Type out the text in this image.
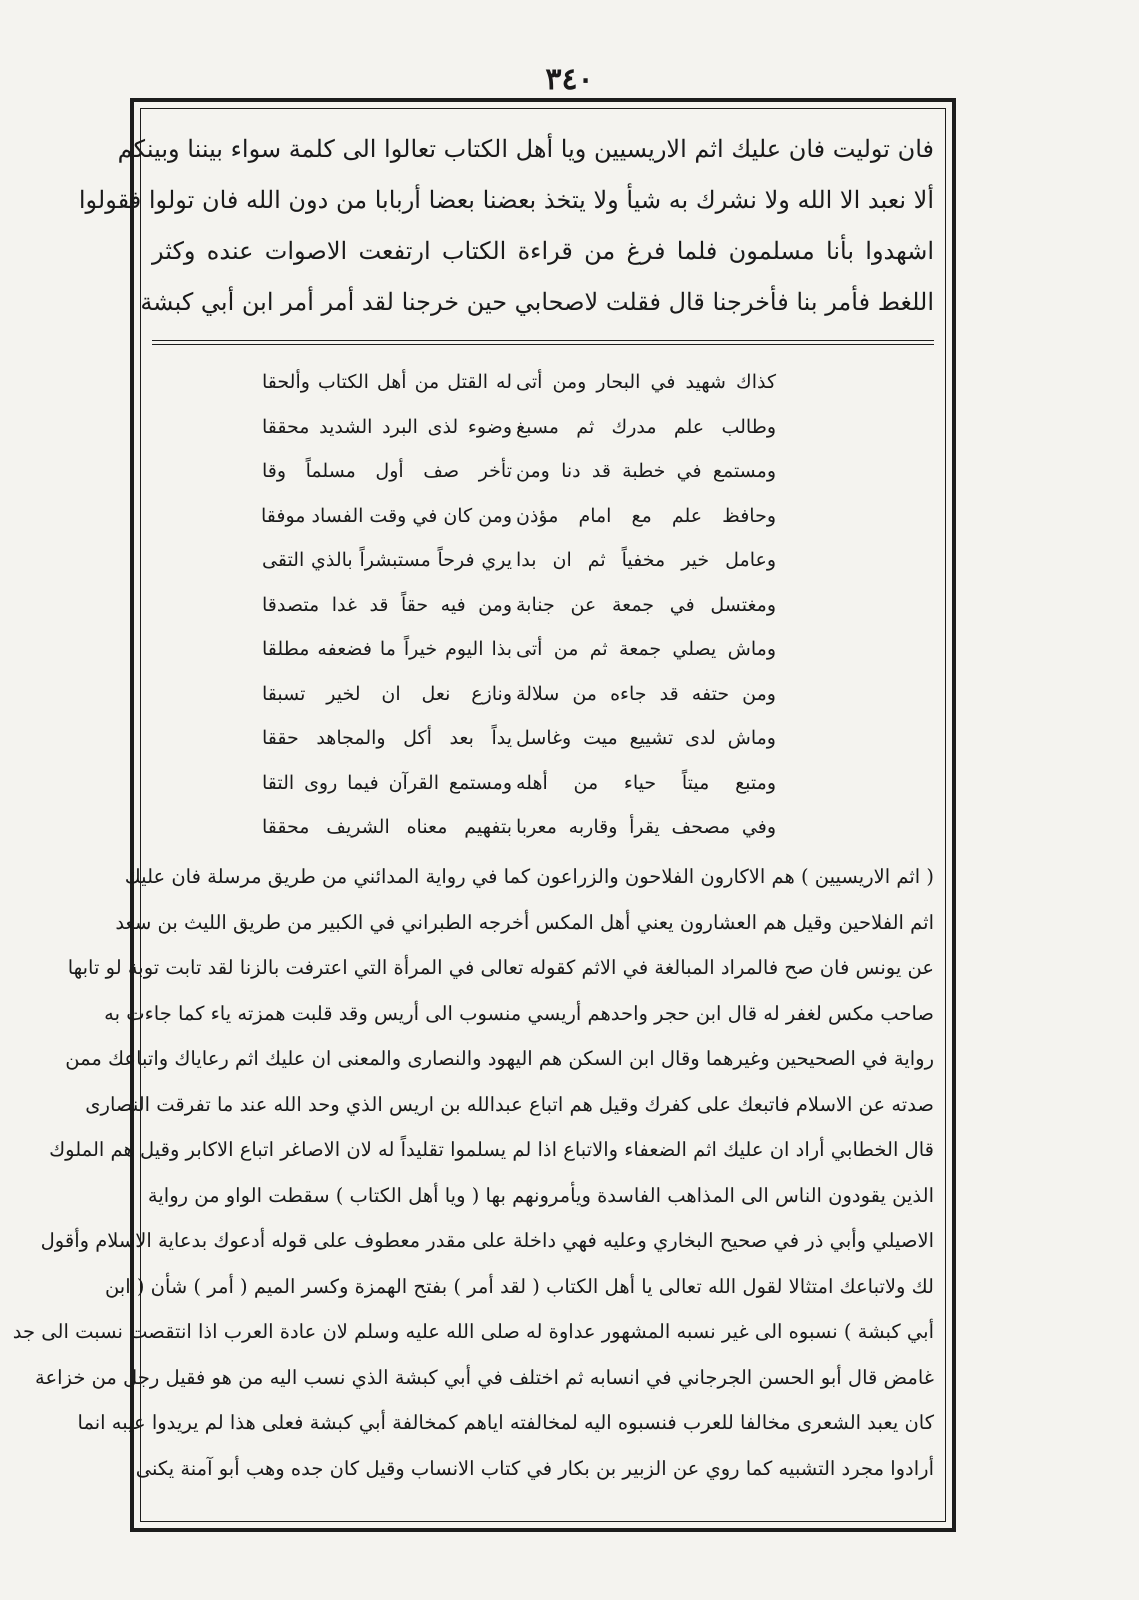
٣٤٠
فان توليت فان عليك اثم الاريسيين ويا أهل الكتاب تعالوا الى كلمة سواء بيننا وبينكم
ألا نعبد الا الله ولا نشرك به شيأ ولا يتخذ بعضنا بعضا أربابا من دون الله فان تولوا فقولوا
اشهدوا بأنا مسلمون فلما فرغ من قراءة الكتاب ارتفعت الاصوات عنده وكثر
اللغط فأمر بنا فأخرجنا قال فقلت لاصحابي حين خرجنا لقد أمر أمر ابن أبي كبشة
كذاك شهيد في البحار ومن أتى
له القتل من أهل الكتاب وألحقا
وطالب علم مدرك ثم مسبغ
وضوء لذى البرد الشديد محققا
ومستمع في خطبة قد دنا ومن
تأخر صف أول مسلماً وقا
وحافظ علم مع امام مؤذن
ومن كان في وقت الفساد موفقا
وعامل خير مخفياً ثم ان بدا
يري فرحاً مستبشراً بالذي التقى
ومغتسل في جمعة عن جنابة
ومن فيه حقاً قد غدا متصدقا
وماش يصلي جمعة ثم من أتى
بذا اليوم خيراً ما فضعفه مطلقا
ومن حتفه قد جاءه من سلالة
ونازع نعل ان لخير تسبقا
وماش لدى تشييع ميت وغاسل
يداً بعد أكل والمجاهد حققا
ومتبع ميتاً حياء من أهله
ومستمع القرآن فيما روى التقا
وفي مصحف يقرأ وقاربه معربا
بتفهيم معناه الشريف محققا
( اثم الاريسيين ) هم الاكارون الفلاحون والزراعون كما في رواية المدائني من طريق مرسلة فان عليك
اثم الفلاحين وقيل هم العشارون يعني أهل المكس أخرجه الطبراني في الكبير من طريق الليث بن سعد
عن يونس فان صح فالمراد المبالغة في الاثم كقوله تعالى في المرأة التي اعترفت بالزنا لقد تابت توبة لو تابها
صاحب مكس لغفر له قال ابن حجر واحدهم أريسي منسوب الى أريس وقد قلبت همزته ياء كما جاءت به
رواية في الصحيحين وغيرهما وقال ابن السكن هم اليهود والنصارى والمعنى ان عليك اثم رعاياك واتباعك ممن
صدته عن الاسلام فاتبعك على كفرك وقيل هم اتباع عبدالله بن اريس الذي وحد الله عند ما تفرقت النصارى
قال الخطابي أراد ان عليك اثم الضعفاء والاتباع اذا لم يسلموا تقليداً له لان الاصاغر اتباع الاكابر وقيل هم الملوك
الذين يقودون الناس الى المذاهب الفاسدة ويأمرونهم بها ( ويا أهل الكتاب ) سقطت الواو من رواية
الاصيلي وأبي ذر في صحيح البخاري وعليه فهي داخلة على مقدر معطوف على قوله أدعوك بدعاية الاسلام وأقول
لك ولاتباعك امتثالا لقول الله تعالى يا أهل الكتاب ( لقد أمر ) بفتح الهمزة وكسر الميم ( أمر ) شأن ( ابن
أبي كبشة ) نسبوه الى غير نسبه المشهور عداوة له صلى الله عليه وسلم لان عادة العرب اذا انتقصت نسبت الى جد
غامض قال أبو الحسن الجرجاني في انسابه ثم اختلف في أبي كبشة الذي نسب اليه من هو فقيل رجل من خزاعة
كان يعبد الشعرى مخالفا للعرب فنسبوه اليه لمخالفته اياهم كمخالفة أبي كبشة فعلى هذا لم يريدوا عيبه انما
أرادوا مجرد التشبيه كما روي عن الزبير بن بكار في كتاب الانساب وقيل كان جده وهب أبو آمنة يكنى
